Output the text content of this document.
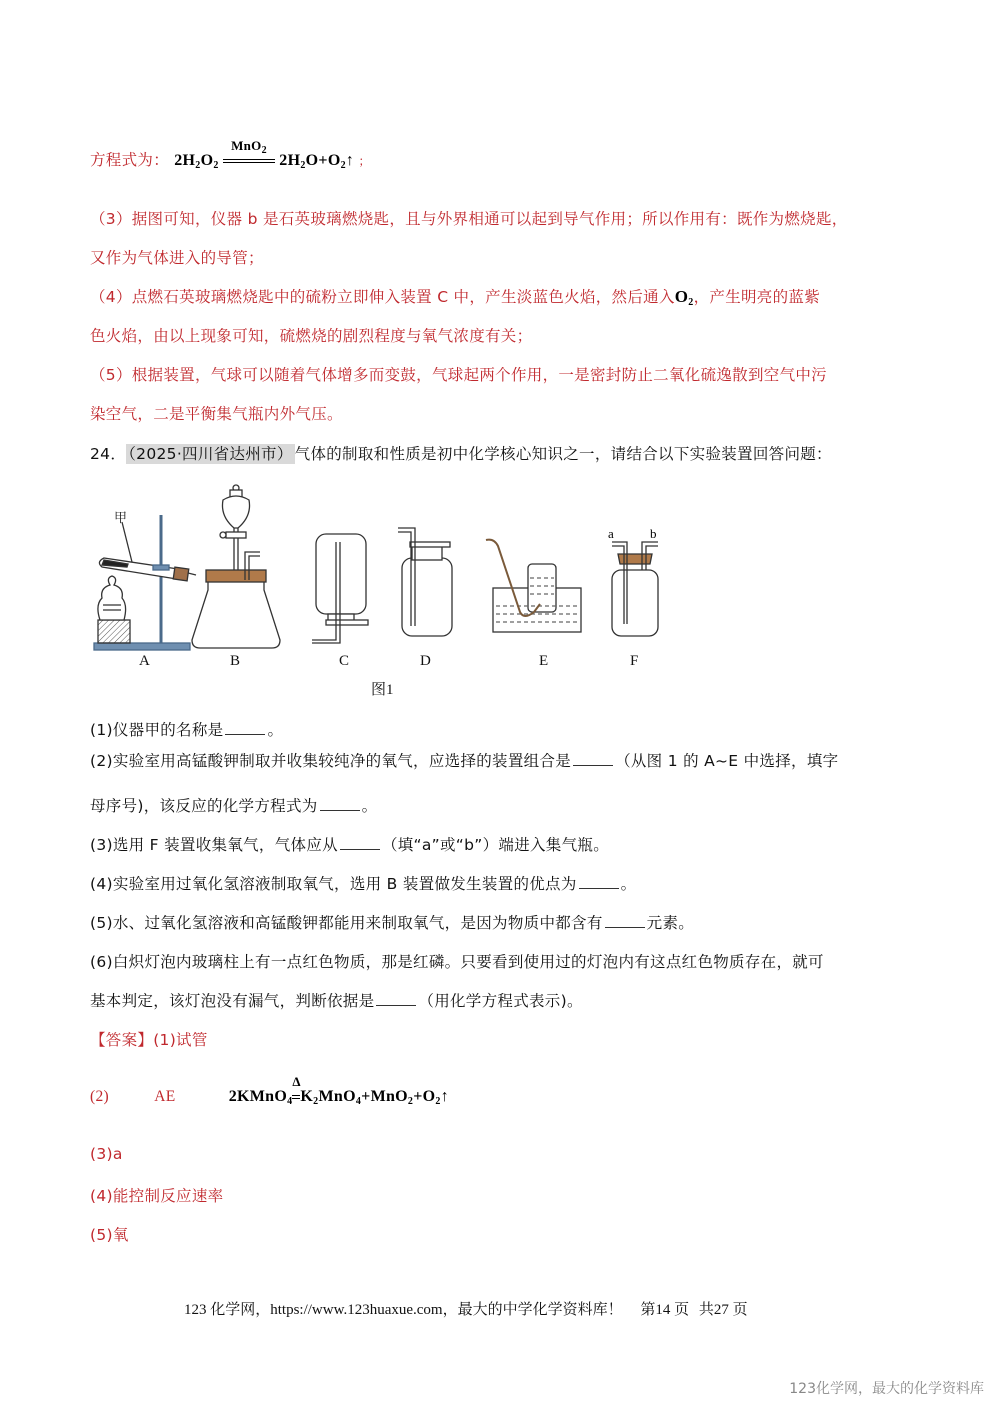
方程式为： $2H_2O_2$
MnO$_2$
$2H_2O+O_2↑$ ；
（3）据图可知，仪器 b 是石英玻璃燃烧匙，且与外界相通可以起到导气作用；所以作用有：既作为燃烧匙，
又作为气体进入的导管；
（4）点燃石英玻璃燃烧匙中的硫粉立即伸入装置 C 中，产生淡蓝色火焰，然后通入$O_2$，产生明亮的蓝紫
色火焰，由以上现象可知，硫燃烧的剧烈程度与氧气浓度有关；
（5）根据装置，气球可以随着气体增多而变鼓，气球起两个作用，一是密封防止二氧化硫逸散到空气中污
染空气，二是平衡集气瓶内外气压。
24． （2025·四川省达州市） 气体的制取和性质是初中化学核心知识之一，请结合以下实验装置回答问题：
甲
a	b
A	B	C	D	E	F
图1
(1)仪器甲的名称是	。
(2)实验室用高锰酸钾制取并收集较纯净的氧气，应选择的装置组合是	（从图 1 的 A~E 中选择，填字
母序号)，该反应的化学方程式为	。
(3)选用 F 装置收集氧气，气体应从	（填“a”或“b”）端进入集气瓶。
(4)实验室用过氧化氢溶液制取氧气，选用 B 装置做发生装置的优点为	。
(5)水、过氧化氢溶液和高锰酸钾都能用来制取氧气，是因为物质中都含有	元素。
(6)白炽灯泡内玻璃柱上有一点红色物质，那是红磷。只要看到使用过的灯泡内有这点红色物质存在，就可
基本判定，该灯泡没有漏气，判断依据是	（用化学方程式表示)。
【答案】(1)试管
(2)	AE	2KMnO$_4$
Δ
$K_2MnO_4+MnO_2+O_2↑$
(3)a
(4)能控制反应速率
(5)氧
123 化学网，https://www.123huaxue.com，最大的中学化学资料库！ 第14 页 共27 页
123化学网，最大的化学资料库
